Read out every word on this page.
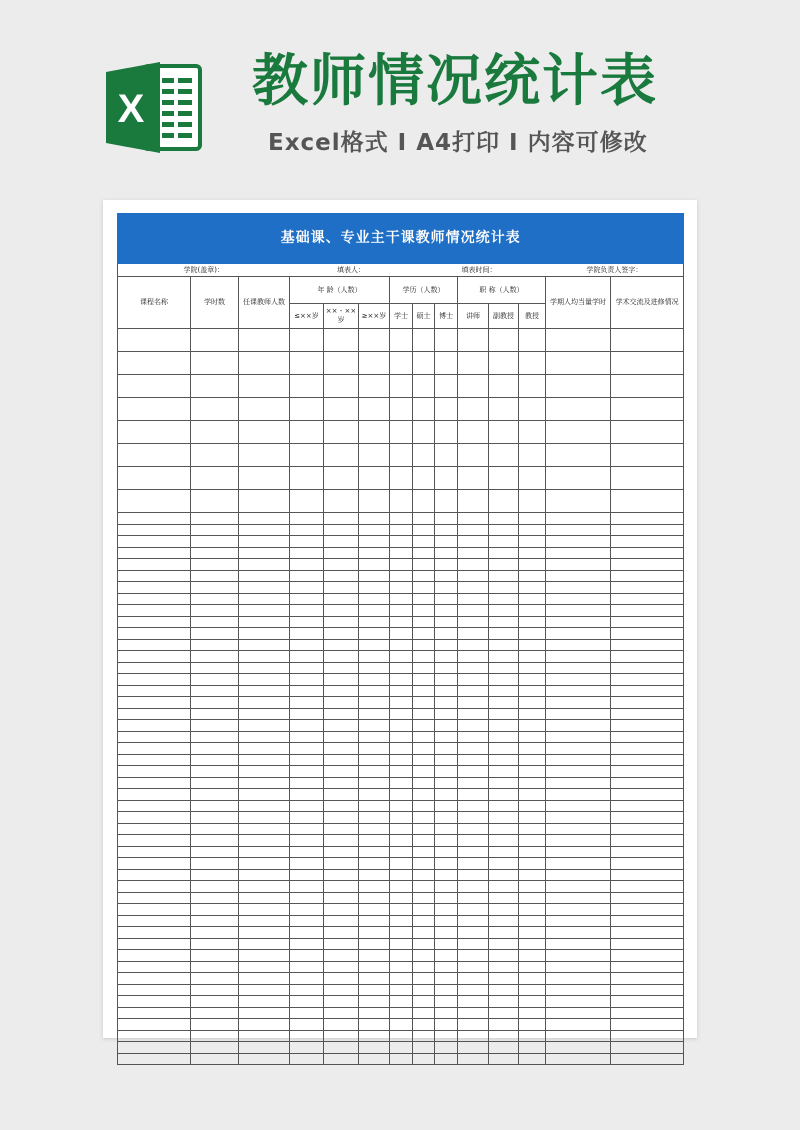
X 教师情况统计表
Excel格式 I A4打印 I 内容可修改
基础课、专业主干课教师情况统计表													
学院(盖章)：			填表人：				填表时间：					学院负责人签字：	
课程名称	学时数	任课教师人数	年 龄（人数）			学历（人数）			职 称（人数）			学期人均当量学时	学术交流及进修情况
			≤××岁	×× - ××岁	≥××岁	学士	硕士	博士	讲师	副教授	教授		
